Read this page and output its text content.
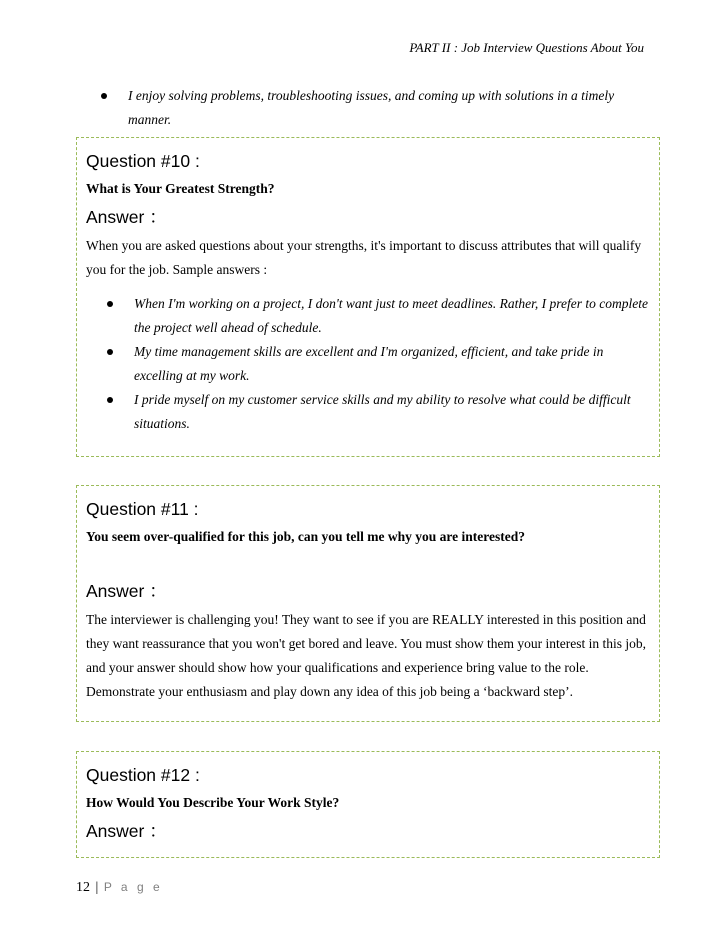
PART II : Job Interview Questions About You
I enjoy solving problems, troubleshooting issues, and coming up with solutions in a timely manner.
Question #10 :
What is Your Greatest Strength?
Answer ：
When you are asked questions about your strengths, it's important to discuss attributes that will qualify you for the job. Sample answers :
When I'm working on a project, I don't want just to meet deadlines. Rather, I prefer to complete the project well ahead of schedule.
My time management skills are excellent and I'm organized, efficient, and take pride in excelling at my work.
I pride myself on my customer service skills and my ability to resolve what could be difficult situations.
Question #11 :
You seem over-qualified for this job, can you tell me why you are interested?
Answer ：
The interviewer is challenging you! They want to see if you are REALLY interested in this position and they want reassurance that you won't get bored and leave. You must show them your interest in this job, and your answer should show how your qualifications and experience bring value to the role. Demonstrate your enthusiasm and play down any idea of this job being a ‘backward step’.
Question #12 :
How Would You Describe Your Work Style?
Answer ：
12 | P a g e
